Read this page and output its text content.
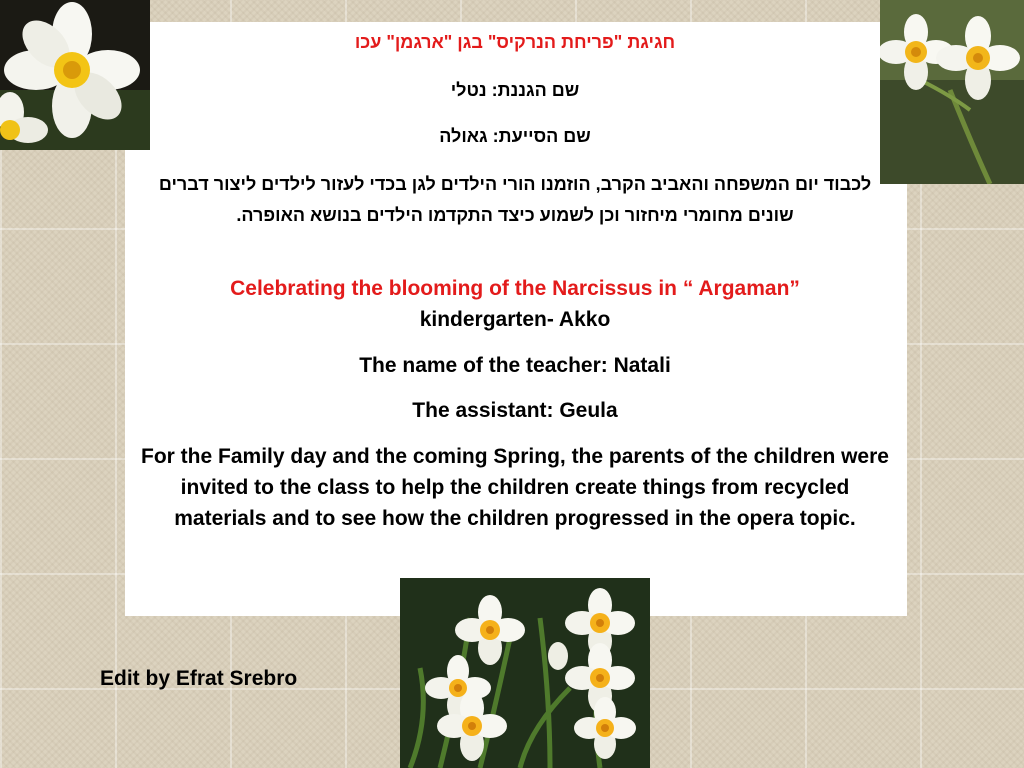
חגיגת "פריחת הנרקיס" בגן "ארגמן" עכו

שם הגננת: נטלי

שם הסייעת: גאולה

לכבוד יום המשפחה והאביב הקרב, הוזמנו הורי הילדים לגן בכדי לעזור לילדים ליצור דברים שונים מחומרי מיחזור וכן לשמוע כיצד התקדמו הילדים בנושא האופרה.

Celebrating the blooming of the Narcissus in “ Argaman”
kindergarten- Akko

The name of the teacher: Natali

The assistant: Geula

For the Family day and the coming Spring, the parents of the children were invited to the class to help the children create things from recycled materials and to see how the children progressed in the opera topic.

Edit by Efrat Srebro
